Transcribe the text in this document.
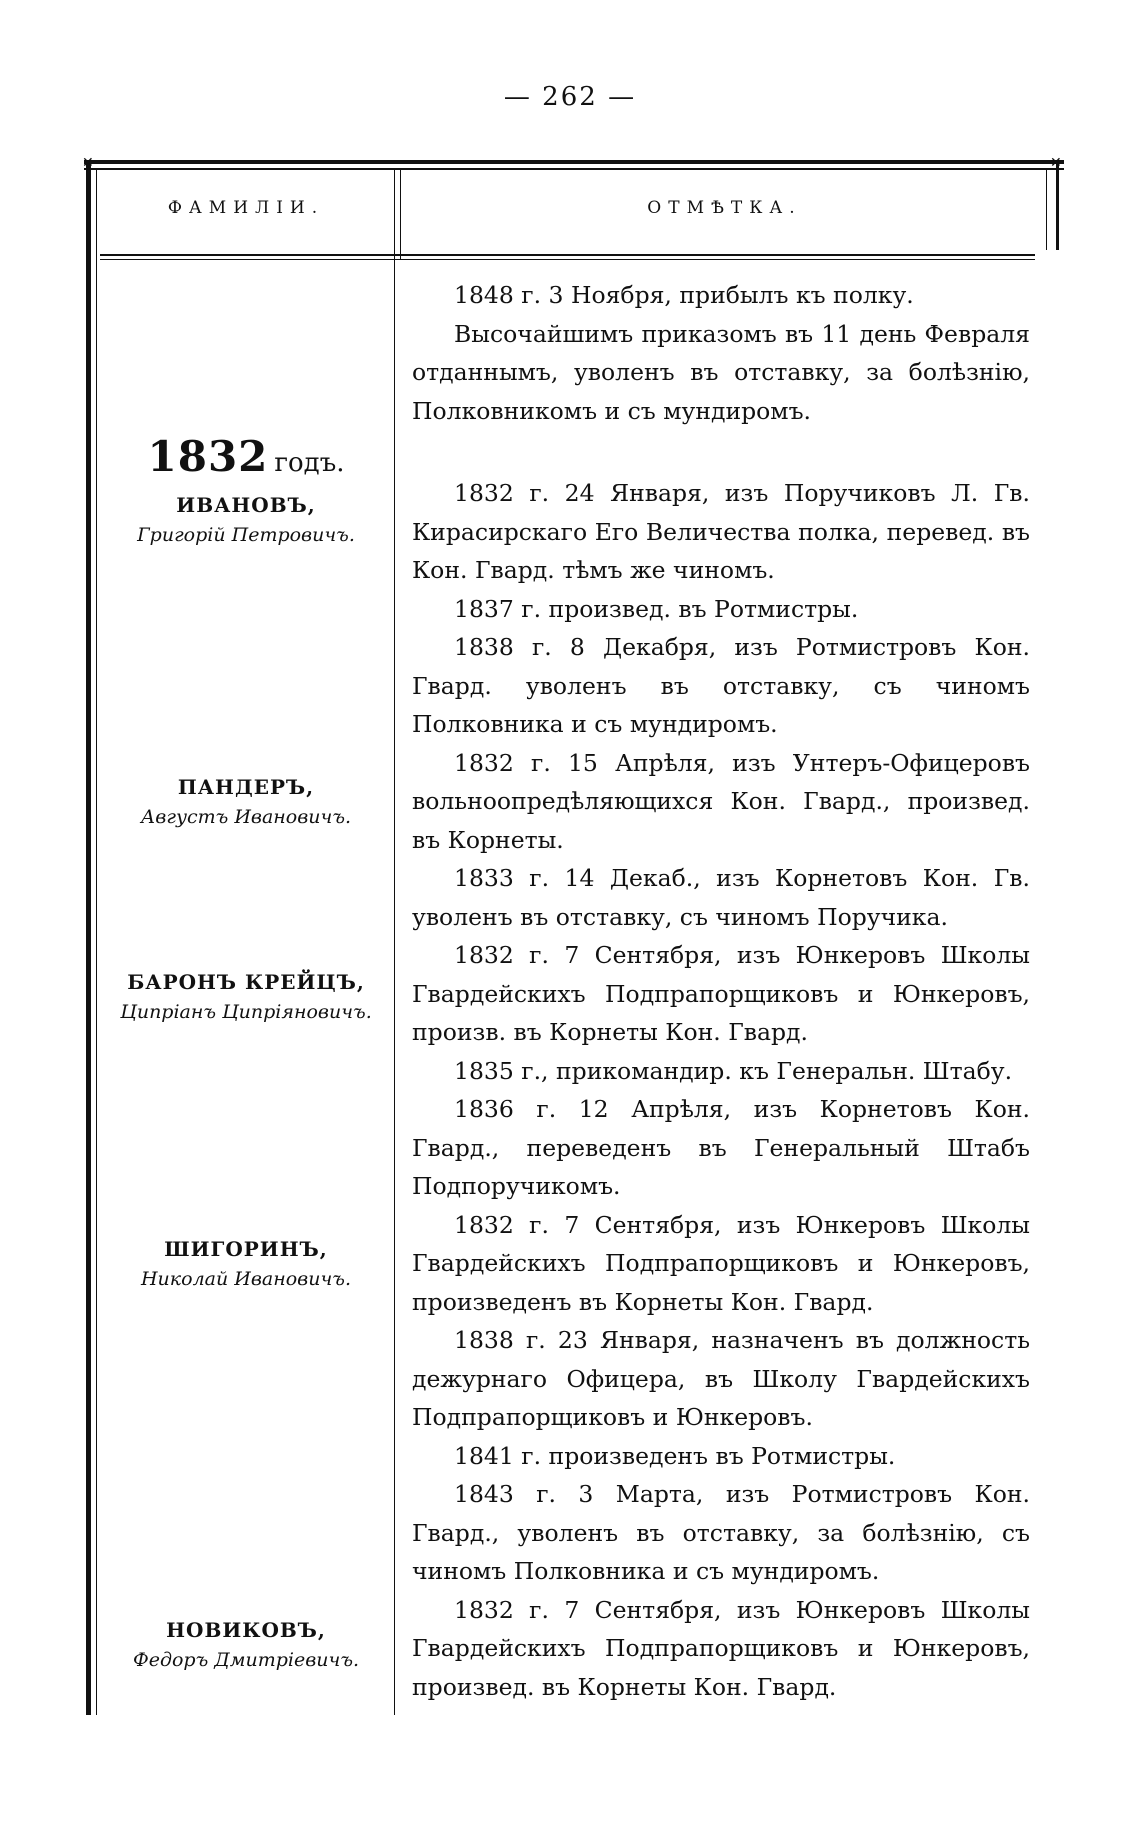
— 262 —
✕	✕
ФАМИЛІИ.	ОТМѢТКА.
1832 годъ.
ИВАНОВЪ,
Григорій Петровичъ.
ПАНДЕРЪ,
Августъ Ивановичъ.
БАРОНЪ КРЕЙЦЪ,
Ципріанъ Ципріяновичъ.
ШИГОРИНЪ,
Николай Ивановичъ.
НОВИКОВЪ,
Федоръ Дмитріевичъ.

1848 г. 3 Ноября, прибылъ къ полку.

Высочайшимъ приказомъ въ 11 день Февраля отданнымъ, уволенъ въ отставку, за болѣзнію, Полковникомъ и съ мундиромъ.

1832 г. 24 Января, изъ Поручиковъ Л. Гв. Кирасирскаго Его Величества полка, перевед. въ Кон. Гвард. тѣмъ же чиномъ.

1837 г. произвед. въ Ротмистры.

1838 г. 8 Декабря, изъ Ротмистровъ Кон. Гвард. уволенъ въ отставку, съ чиномъ Полковника и съ мундиромъ.

1832 г. 15 Апрѣля, изъ Унтеръ-Офицеровъ вольноопредѣляющихся Кон. Гвард., произвед. въ Корнеты.

1833 г. 14 Декаб., изъ Корнетовъ Кон. Гв. уволенъ въ отставку, съ чиномъ Поручика.

1832 г. 7 Сентября, изъ Юнкеровъ Школы Гвардейскихъ Подпрапорщиковъ и Юнкеровъ, произв. въ Корнеты Кон. Гвард.

1835 г., прикомандир. къ Генеральн. Штабу.

1836 г. 12 Апрѣля, изъ Корнетовъ Кон. Гвард., переведенъ въ Генеральный Штабъ Подпоручикомъ.

1832 г. 7 Сентября, изъ Юнкеровъ Школы Гвардейскихъ Подпрапорщиковъ и Юнкеровъ, произведенъ въ Корнеты Кон. Гвард.

1838 г. 23 Января, назначенъ въ должность дежурнаго Офицера, въ Школу Гвардейскихъ Подпрапорщиковъ и Юнкеровъ.

1841 г. произведенъ въ Ротмистры.

1843 г. 3 Марта, изъ Ротмистровъ Кон. Гвард., уволенъ въ отставку, за болѣзнію, съ чиномъ Полковника и съ мундиромъ.

1832 г. 7 Сентября, изъ Юнкеровъ Школы Гвардейскихъ Подпрапорщиковъ и Юнкеровъ, произвед. въ Корнеты Кон. Гвард.
